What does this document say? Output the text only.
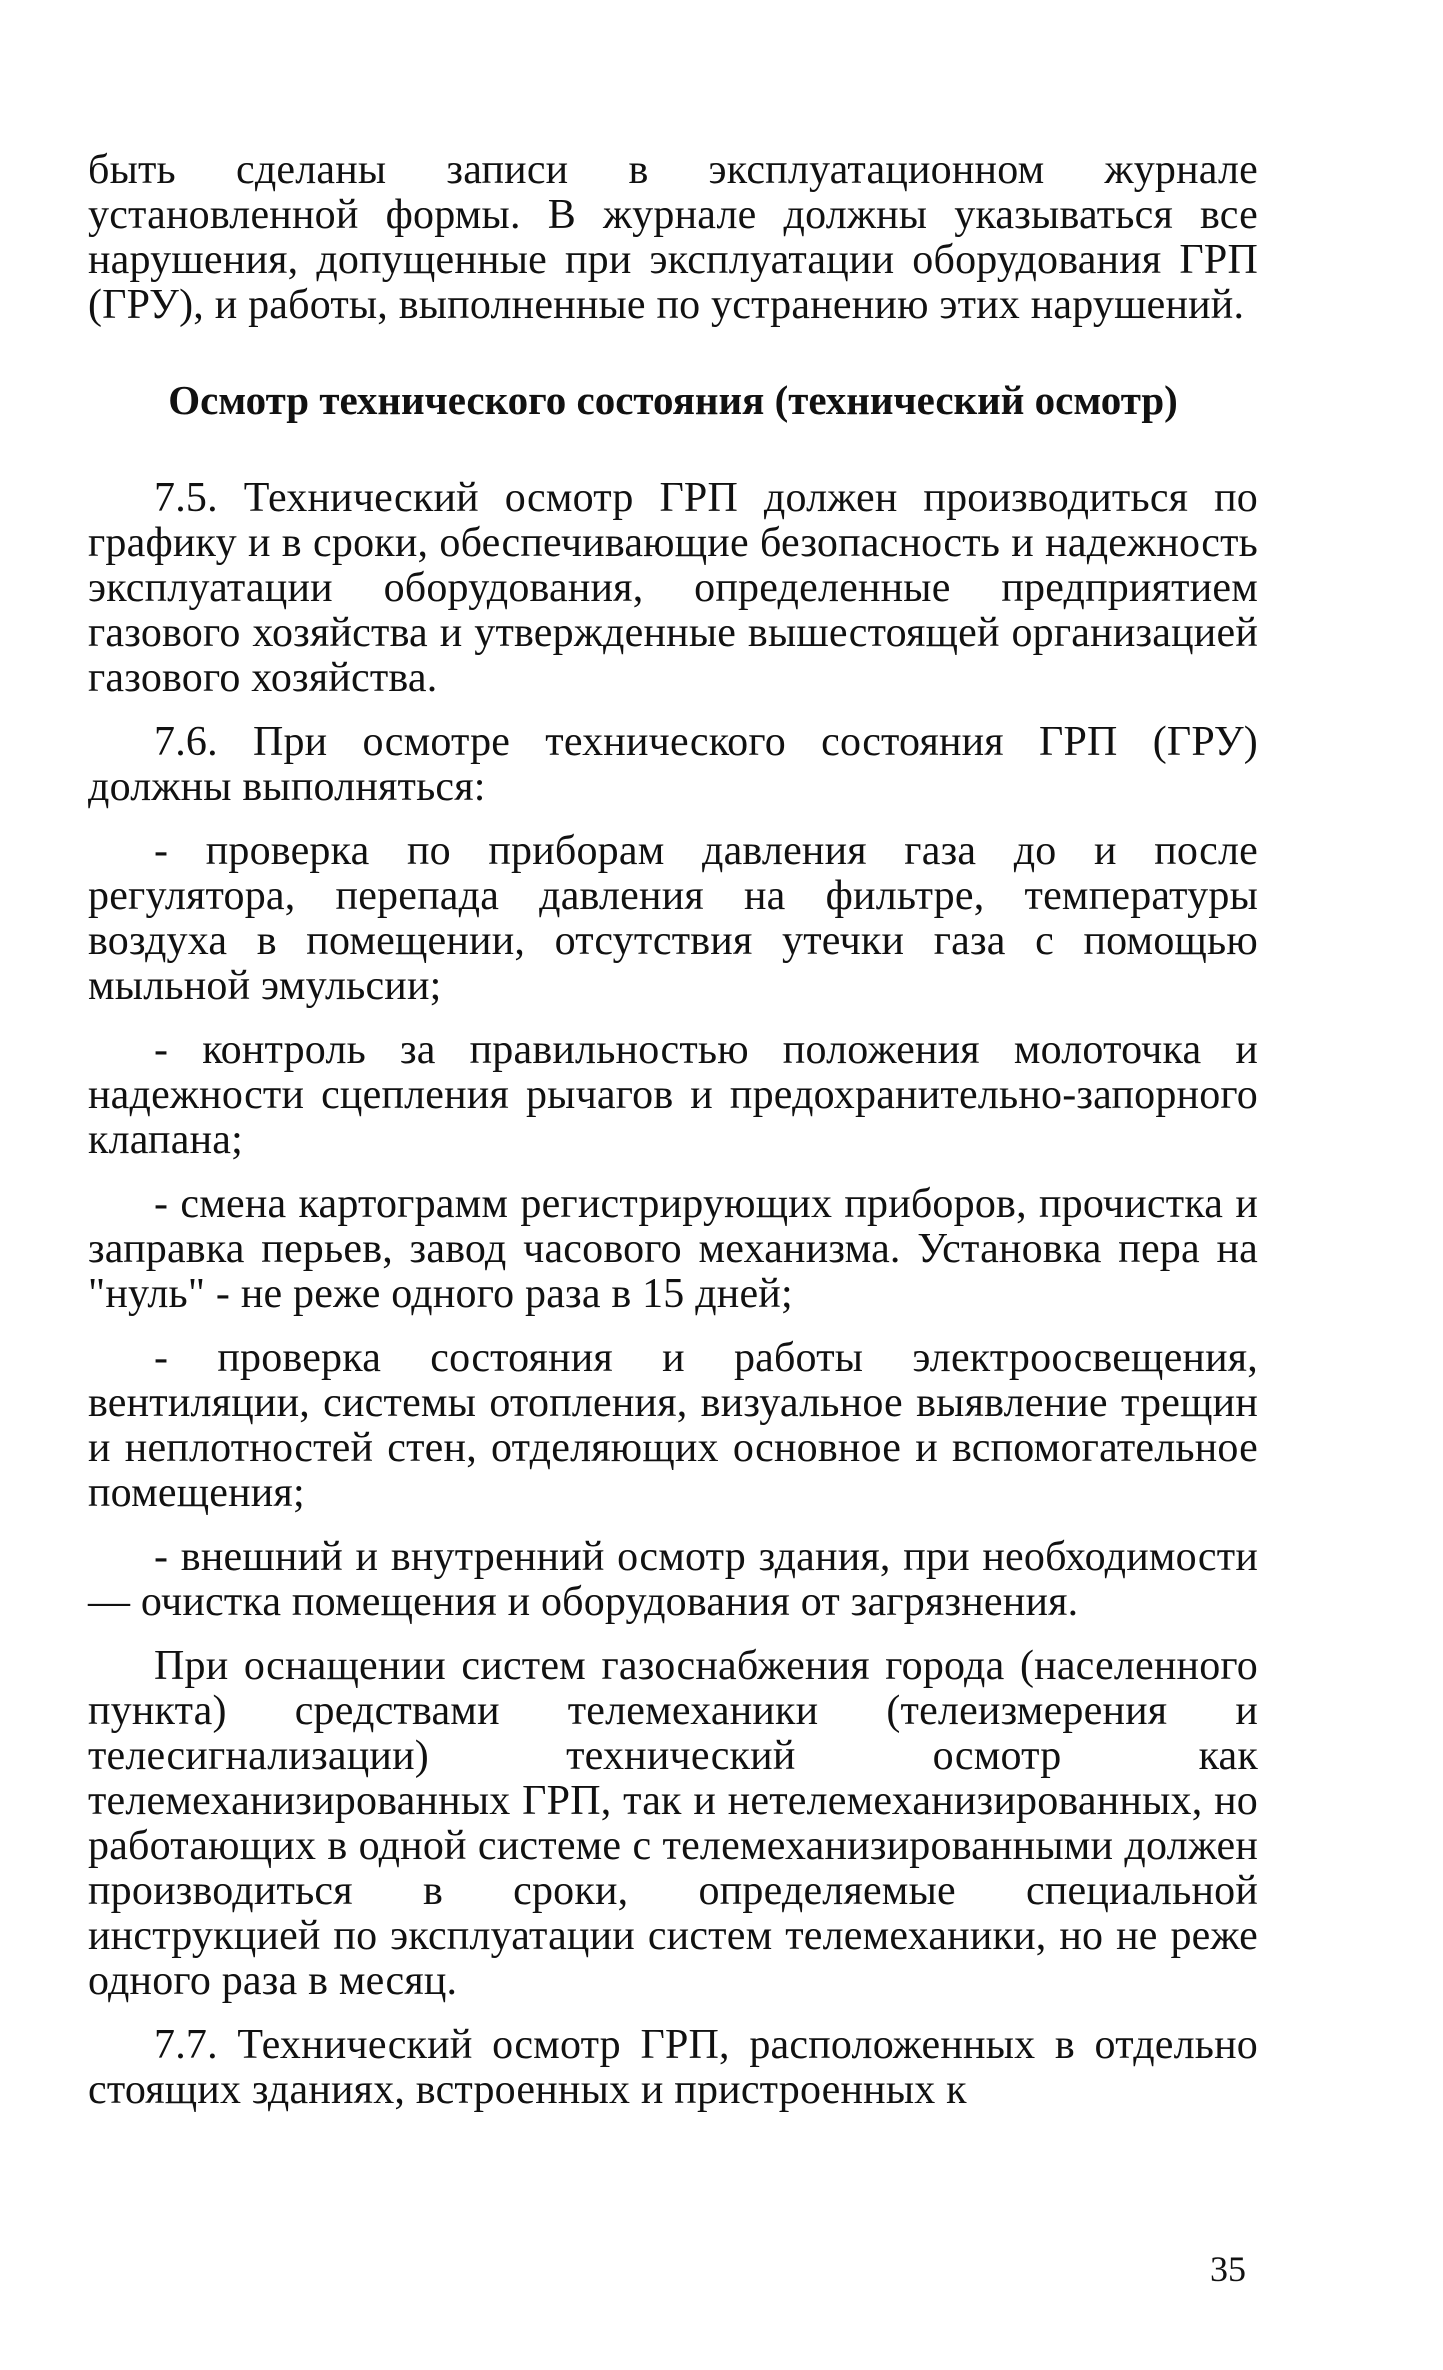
быть сделаны записи в эксплуатационном журнале установленной формы. В журнале должны указываться все нарушения, допущенные при эксплуатации оборудования ГРП (ГРУ), и работы, выполненные по устранению этих нарушений.

Осмотр технического состояния (технический осмотр)

7.5. Технический осмотр ГРП должен производиться по графику и в сроки, обеспечивающие безопасность и надежность эксплуатации оборудования, определенные предприятием газового хозяйства и утвержденные вышестоящей организацией газового хозяйства.

7.6. При осмотре технического состояния ГРП (ГРУ) должны выполняться:

- проверка по приборам давления газа до и после регулятора, перепада давления на фильтре, температуры воздуха в помещении, отсутствия утечки газа с помощью мыльной эмульсии;

- контроль за правильностью положения молоточка и надежности сцепления рычагов и предохранительно-запорного клапана;

- смена картограмм регистрирующих приборов, прочистка и заправка перьев, завод часового механизма. Установка пера на "нуль" - не реже одного раза в 15 дней;

- проверка состояния и работы электроосвещения, вентиляции, системы отопления, визуальное выявление трещин и неплотностей стен, отделяющих основное и вспомогательное помещения;

- внешний и внутренний осмотр здания, при необходимости — очистка помещения и оборудования от загрязнения.

При оснащении систем газоснабжения города (населенного пункта) средствами телемеханики (телеизмерения и телесигнализации) технический осмотр как телемеханизированных ГРП, так и нетелемеханизированных, но работающих в одной системе с телемеханизированными должен производиться в сроки, определяемые специальной инструкцией по эксплуатации систем телемеханики, но не реже одного раза в месяц.

7.7. Технический осмотр ГРП, расположенных в отдельно стоящих зданиях, встроенных и пристроенных к

35
